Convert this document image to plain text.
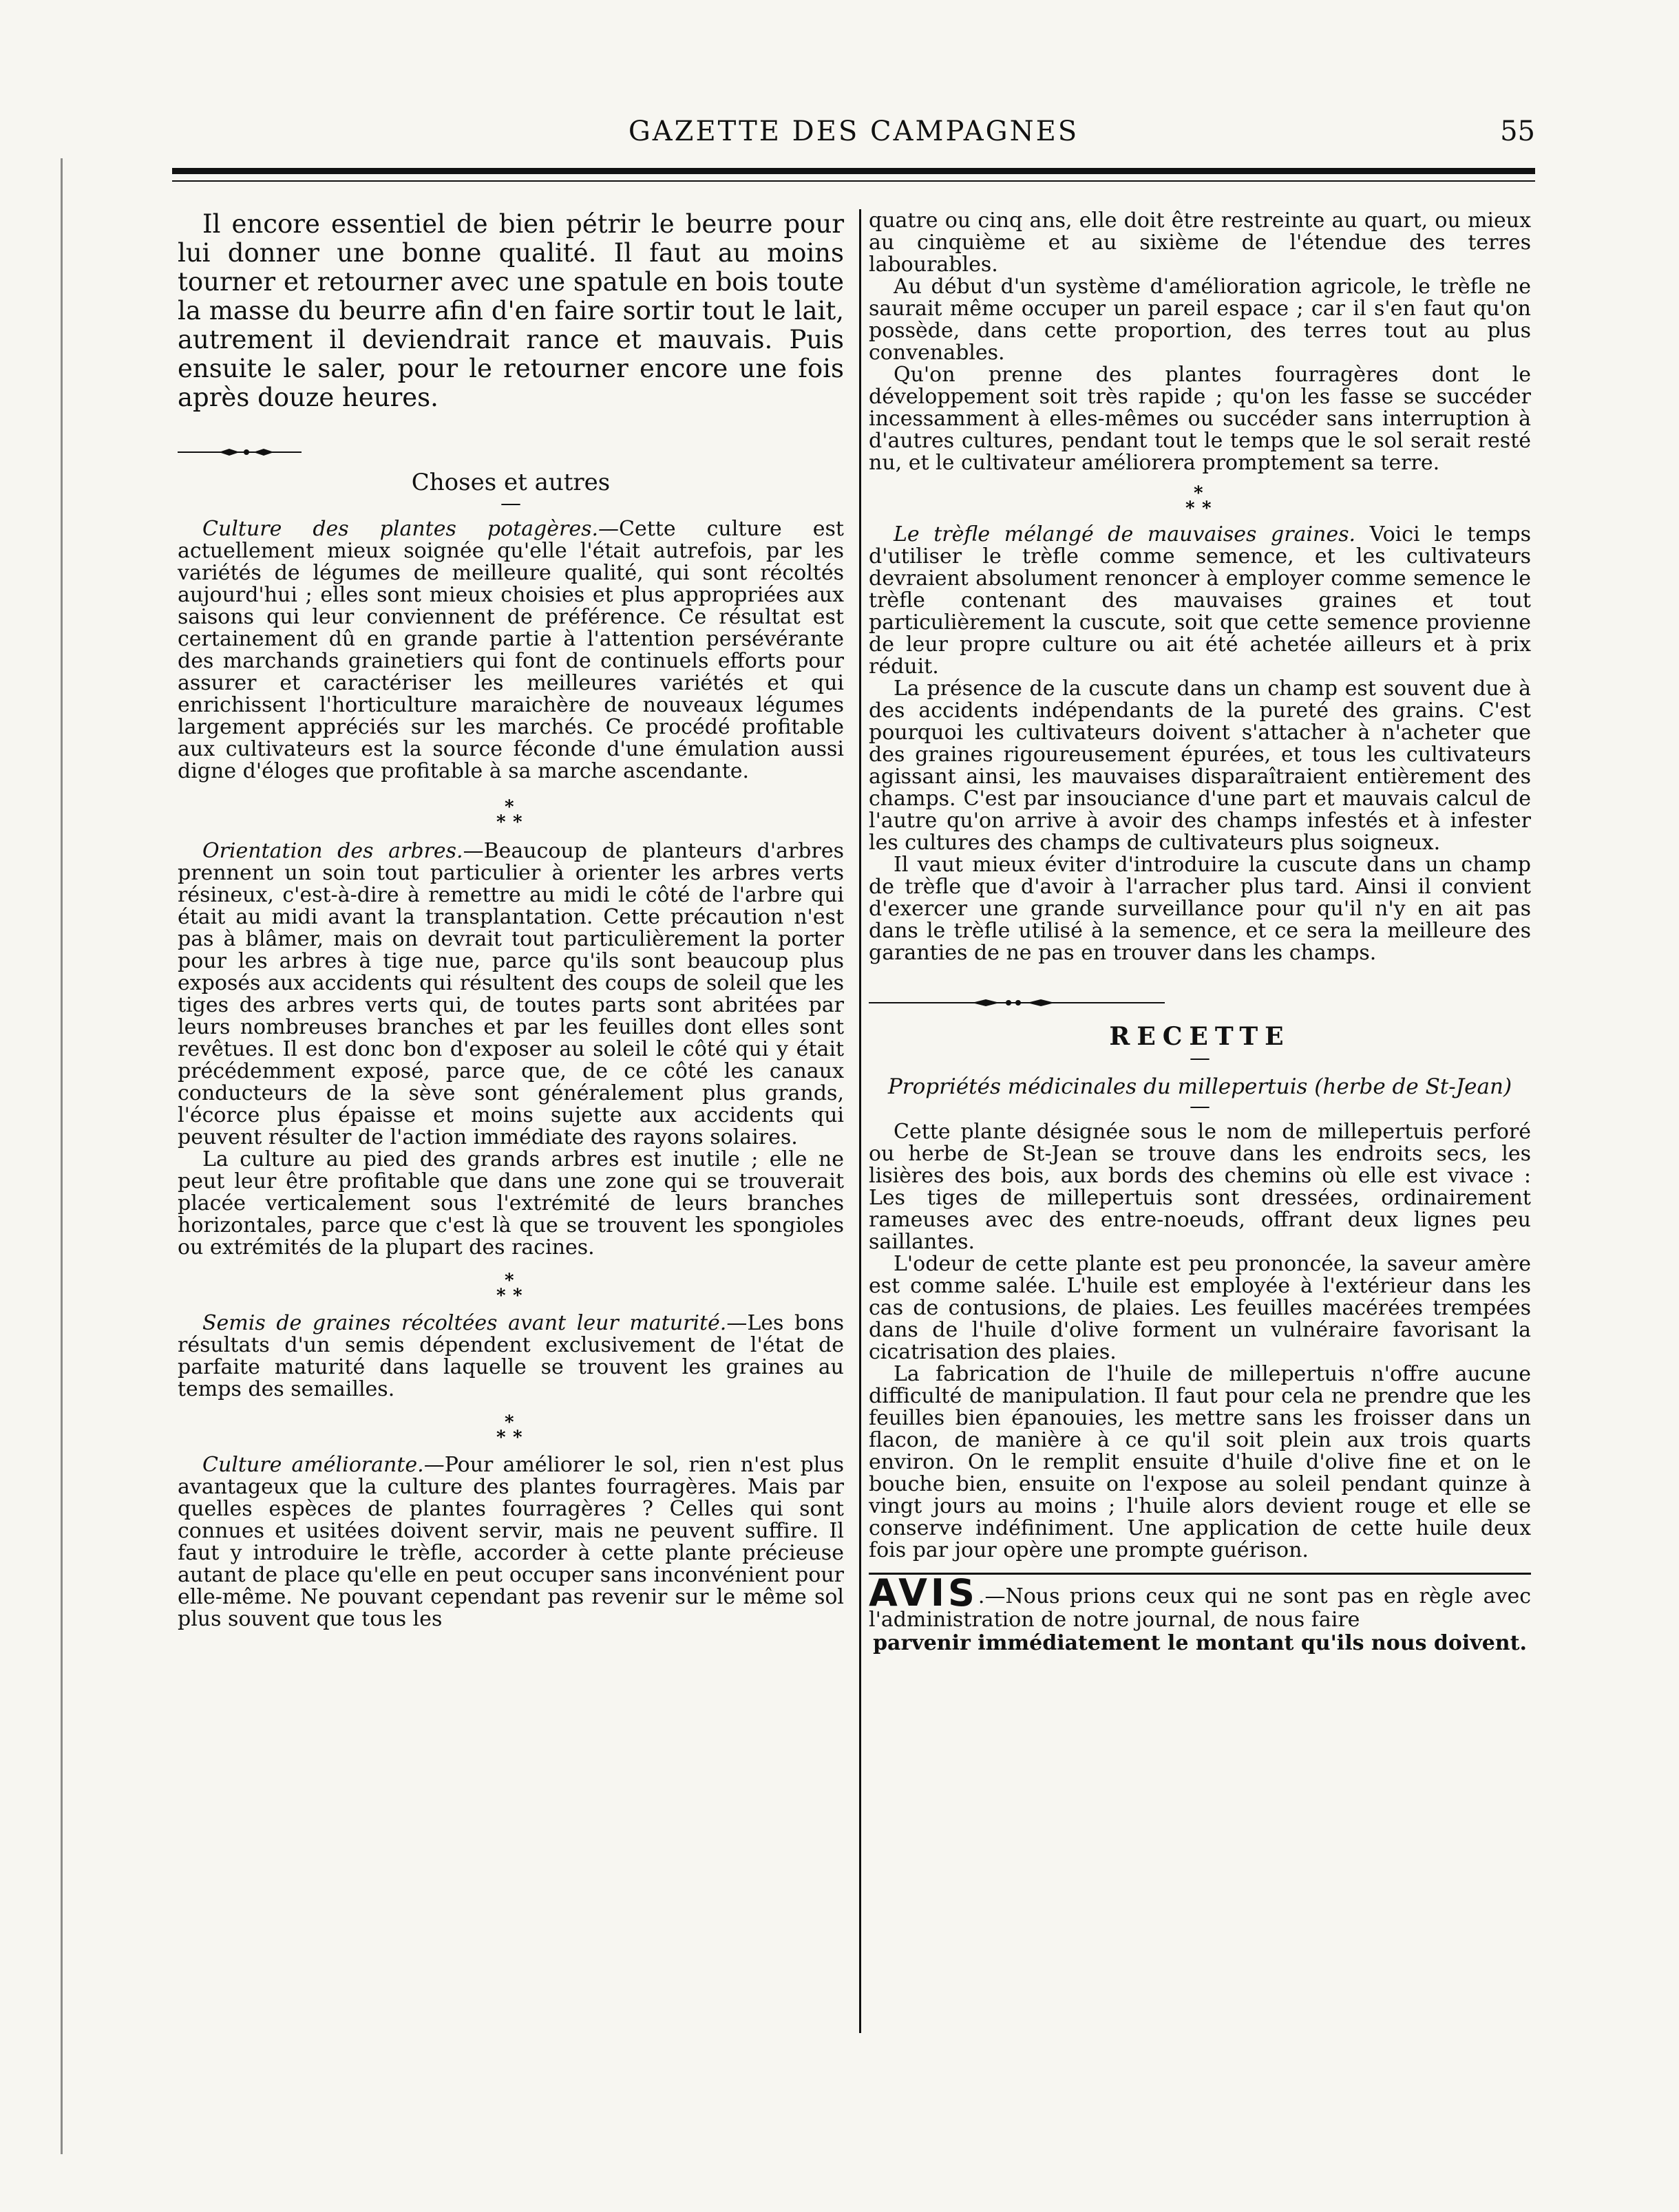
GAZETTE DES CAMPAGNES	55

Il encore essentiel de bien pétrir le beurre pour lui donner une bonne qualité. Il faut au moins tourner et retourner avec une spatule en bois toute la masse du beurre afin d'en faire sortir tout le lait, autrement il deviendrait rance et mauvais. Puis ensuite le saler, pour le retourner encore une fois après douze heures.

Choses et autres
—

Culture des plantes potagères.—Cette culture est actuellement mieux soignée qu'elle l'était autrefois, par les variétés de légumes de meilleure qualité, qui sont récoltés aujourd'hui ; elles sont mieux choisies et plus appropriées aux saisons qui leur conviennent de préférence. Ce résultat est certainement dû en grande partie à l'attention persévérante des marchands grainetiers qui font de continuels efforts pour assurer et caractériser les meilleures variétés et qui enrichissent l'horticulture maraichère de nouveaux légumes largement appréciés sur les marchés. Ce procédé profitable aux cultivateurs est la source féconde d'une émulation aussi digne d'éloges que profitable à sa marche ascendante.

*
* *

Orientation des arbres.—Beaucoup de planteurs d'arbres prennent un soin tout particulier à orienter les arbres verts résineux, c'est-à-dire à remettre au midi le côté de l'arbre qui était au midi avant la transplantation. Cette précaution n'est pas à blâmer, mais on devrait tout particulièrement la porter pour les arbres à tige nue, parce qu'ils sont beaucoup plus exposés aux accidents qui résultent des coups de soleil que les tiges des arbres verts qui, de toutes parts sont abritées par leurs nombreuses branches et par les feuilles dont elles sont revêtues. Il est donc bon d'exposer au soleil le côté qui y était précédemment exposé, parce que, de ce côté les canaux conducteurs de la sève sont généralement plus grands, l'écorce plus épaisse et moins sujette aux accidents qui peuvent résulter de l'action immédiate des rayons solaires.

La culture au pied des grands arbres est inutile ; elle ne peut leur être profitable que dans une zone qui se trouverait placée verticalement sous l'extrémité de leurs branches horizontales, parce que c'est là que se trouvent les spongioles ou extrémités de la plupart des racines.

*
* *

Semis de graines récoltées avant leur maturité.—Les bons résultats d'un semis dépendent exclusivement de l'état de parfaite maturité dans laquelle se trouvent les graines au temps des semailles.

*
* *

Culture améliorante.—Pour améliorer le sol, rien n'est plus avantageux que la culture des plantes fourragères. Mais par quelles espèces de plantes fourragères ? Celles qui sont connues et usitées doivent servir, mais ne peuvent suffire. Il faut y introduire le trèfle, accorder à cette plante précieuse autant de place qu'elle en peut occuper sans inconvénient pour elle-même. Ne pouvant cependant pas revenir sur le même sol plus souvent que tous les

quatre ou cinq ans, elle doit être restreinte au quart, ou mieux au cinquième et au sixième de l'étendue des terres labourables.

Au début d'un système d'amélioration agricole, le trèfle ne saurait même occuper un pareil espace ; car il s'en faut qu'on possède, dans cette proportion, des terres tout au plus convenables.

Qu'on prenne des plantes fourragères dont le développement soit très rapide ; qu'on les fasse se succéder incessamment à elles-mêmes ou succéder sans interruption à d'autres cultures, pendant tout le temps que le sol serait resté nu, et le cultivateur améliorera promptement sa terre.

*
* *

Le trèfle mélangé de mauvaises graines. Voici le temps d'utiliser le trèfle comme semence, et les cultivateurs devraient absolument renoncer à employer comme semence le trèfle contenant des mauvaises graines et tout particulièrement la cuscute, soit que cette semence provienne de leur propre culture ou ait été achetée ailleurs et à prix réduit.

La présence de la cuscute dans un champ est souvent due à des accidents indépendants de la pureté des grains. C'est pourquoi les cultivateurs doivent s'attacher à n'acheter que des graines rigoureusement épurées, et tous les cultivateurs agissant ainsi, les mauvaises disparaîtraient entièrement des champs. C'est par insouciance d'une part et mauvais calcul de l'autre qu'on arrive à avoir des champs infestés et à infester les cultures des champs de cultivateurs plus soigneux.

Il vaut mieux éviter d'introduire la cuscute dans un champ de trèfle que d'avoir à l'arracher plus tard. Ainsi il convient d'exercer une grande surveillance pour qu'il n'y en ait pas dans le trèfle utilisé à la semence, et ce sera la meilleure des garanties de ne pas en trouver dans les champs.

RECETTE
—
Propriétés médicinales du millepertuis (herbe de St-Jean)
—

Cette plante désignée sous le nom de millepertuis perforé ou herbe de St-Jean se trouve dans les endroits secs, les lisières des bois, aux bords des chemins où elle est vivace : Les tiges de millepertuis sont dressées, ordinairement rameuses avec des entre-noeuds, offrant deux lignes peu saillantes.

L'odeur de cette plante est peu prononcée, la saveur amère est comme salée. L'huile est employée à l'extérieur dans les cas de contusions, de plaies. Les feuilles macérées trempées dans de l'huile d'olive forment un vulnéraire favorisant la cicatrisation des plaies.

La fabrication de l'huile de millepertuis n'offre aucune difficulté de manipulation. Il faut pour cela ne prendre que les feuilles bien épanouies, les mettre sans les froisser dans un flacon, de manière à ce qu'il soit plein aux trois quarts environ. On le remplit ensuite d'huile d'olive fine et on le bouche bien, ensuite on l'expose au soleil pendant quinze à vingt jours au moins ; l'huile alors devient rouge et elle se conserve indéfiniment. Une application de cette huile deux fois par jour opère une prompte guérison.

AVIS.—Nous prions ceux qui ne sont pas en règle avec l'administration de notre journal, de nous faire
parvenir immédiatement le montant qu'ils nous doivent.
